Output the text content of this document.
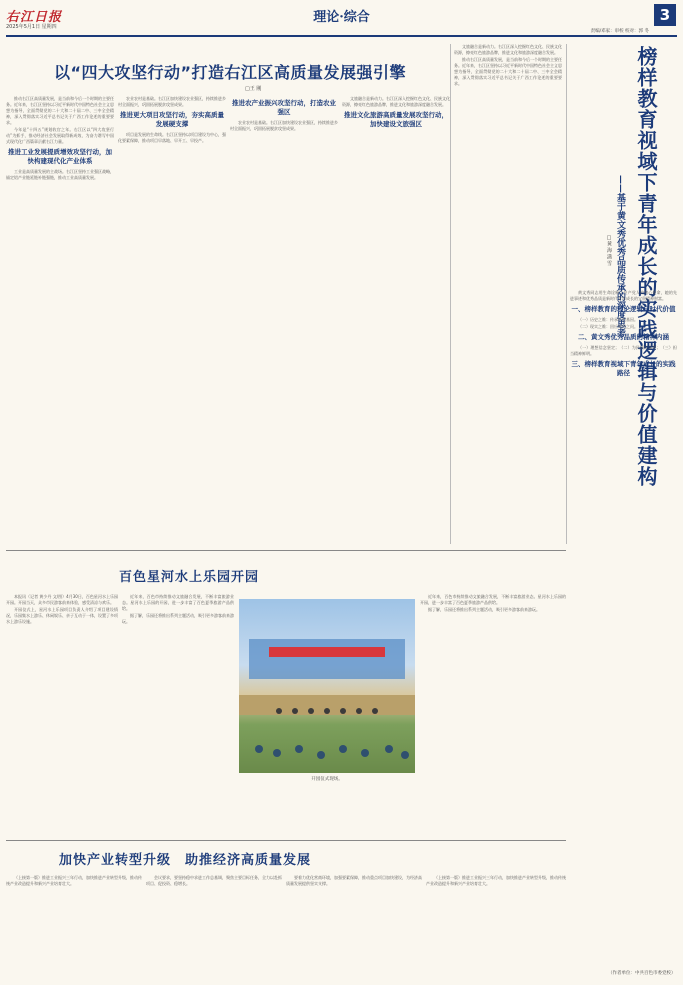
右江日报
2025年5月1日 星期四
理论·综合	3
责编/邓家：审校 校对：郭 冬
以“四大攻坚行动”打造右江区高质量发展强引擎
□王 刚

推动右江区高质量发展，是当前和今后一个时期的主要任务。近年来，右江区坚持以习近平新时代中国特色社会主义思想为指导，全面贯彻党的二十大和二十届二中、三中全会精神，深入贯彻落实习近平总书记关于广西工作论述的重要要求。

今年是“十四五”规划收官之年。右江区以“四大攻坚行动”为抓手，推动经济社会发展取得新成效，为奋力谱写中国式现代化广西篇章贡献右江力量。

推进工业发展提质增效攻坚行动，加快构建现代化产业体系

工业是高质量发展的主战场。右江区坚持工业强区战略，锚定铝产业链延链补链强链，推动工业高质量发展。

农业农村是基础。右江区加快建设农业强区，持续推进乡村全面振兴，巩固拓展脱贫攻坚成果。

推进更大项目攻坚行动，夯实高质量发展硬支撑

项目是发展的生命线。右江区坚持以项目建设为中心，强化要素保障，推动项目早落地、早开工、早投产。

推进农产业振兴攻坚行动，打造农业强区

农业农村是基础。右江区加快建设农业强区，持续推进乡村全面振兴，巩固拓展脱贫攻坚成果。

文旅融合是新动力。右江区深入挖掘红色文化、民族文化资源，擦亮红色旅游品牌，推进文化和旅游深度融合发展。

推进文化旅游高质量发展攻坚行动，加快建设文旅强区

文旅融合是新动力。右江区深入挖掘红色文化、民族文化资源，擦亮红色旅游品牌，推进文化和旅游深度融合发展。

推动右江区高质量发展，是当前和今后一个时期的主要任务。近年来，右江区坚持以习近平新时代中国特色社会主义思想为指导，全面贯彻党的二十大和二十届二中、三中全会精神，深入贯彻落实习近平总书记关于广西工作论述的重要要求。	榜样教育视域下青年成长的实践逻辑与价值建构
——基于黄文秀优秀品质传承的深度思考
□黄 海 潇 雪

黄文秀同志用生命诠释了共产党人的初心使命，她的先进事迹和优秀品质是新时代青年成长的宝贵精神财富。

一、榜样教育的理论逻辑与时代价值

（一）历史之维：传承红色基因。

（二）现实之维：回应时代之问。

二、黄文秀优秀品质的精神内涵

（一）理想信念坚定；（二）为民情怀深厚；（三）担当精神鲜明。

三、榜样教育视域下青年成长的实践路径
百色星河水上乐园开园

本报讯（记者 黄少丹 文/图）4月30日，百色星河水上乐园开园。开园当天，众多市民游客前来体验，感受清凉与欢乐。

开园仪式上，星河水上乐园项目负责人介绍了项目建设情况，乐园集水上游乐、休闲娱乐、亲子互动于一体，设置了多项水上游乐设施。

近年来，百色市持续推动文旅融合发展，不断丰富旅游业态。星河水上乐园的开园，进一步丰富了百色夏季旅游产品供给。

据了解，乐园还将推出系列主题活动，吸引更多游客前来游玩。

开园仪式现场。

近年来，百色市持续推动文旅融合发展，不断丰富旅游业态。星河水上乐园的开园，进一步丰富了百色夏季旅游产品供给。

据了解，乐园还将推出系列主题活动，吸引更多游客前来游玩。

加快产业转型升级　助推经济高质量发展

（上接第一版）推进工业振兴三年行动，加快推进产业转型升级，推动传统产业改造提升和新兴产业培育壮大。

会议要求，要坚持稳中求进工作总基调，聚焦主要目标任务，全力以赴抓项目、促投资、稳增长。

要着力优化营商环境，加强要素保障，推动重点项目加快建设，为经济高质量发展提供坚实支撑。

（上接第一版）推进工业振兴三年行动，加快推进产业转型升级，推动传统产业改造提升和新兴产业培育壮大。

（作者单位：中共百色市委党校）
